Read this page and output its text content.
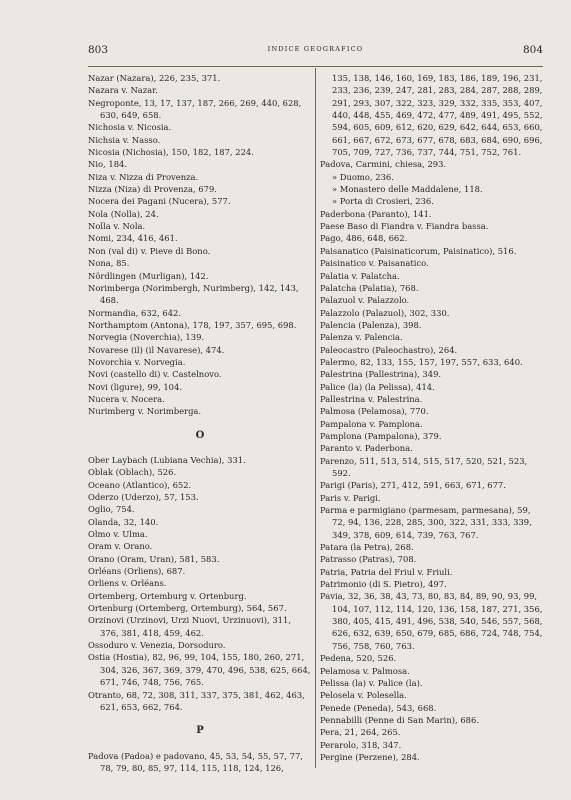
803	INDICE GEOGRAFICO	804
Nazar (Nazara), 226, 235, 371.
Nazara v. Nazar.
Negroponte, 13, 17, 137, 187, 266, 269, 440, 628, 630, 649, 658.
Nichosia v. Nicosia.
Nichsia v. Nasso.
Nicosia (Nichosia), 150, 182, 187, 224.
Nio, 184.
Niza v. Nizza di Provenza.
Nizza (Niza) di Provenza, 679.
Nocera dei Pagani (Nucera), 577.
Nola (Nolla), 24.
Nolla v. Nola.
Nomi, 234, 416, 461.
Non (val di) v. Pieve di Bono.
Nona, 85.
Nördlingen (Murligan), 142.
Norimberga (Norimbergh, Nurimberg), 142, 143, 468.
Normandia, 632, 642.
Northamptom (Antona), 178, 197, 357, 695, 698.
Norvegia (Noverchia), 139.
Novarese (il) (il Navarese), 474.
Novorchia v. Norvegia.
Novi (castello di) v. Castelnovo.
Novi (ligure), 99, 104.
Nucera v. Nocera.
Nurimberg v. Norimberga.
O
Ober Laybach (Lubiana Vechia), 331.
Oblak (Oblach), 526.
Oceano (Atlantico), 652.
Oderzo (Uderzo), 57, 153.
Oglio, 754.
Olanda, 32, 140.
Olmo v. Ulma.
Oram v. Orano.
Orano (Oram, Uran), 581, 583.
Orléans (Orliens), 687.
Orliens v. Orléans.
Ortemberg, Ortemburg v. Ortenburg.
Ortenburg (Ortemberg, Ortemburg), 564, 567.
Orzinovi (Urzinovi, Urzi Nuovi, Urzinuovi), 311, 376, 381, 418, 459, 462.
Ossoduro v. Venezia, Dorsoduro.
Ostia (Hostia), 82, 96, 99, 104, 155, 180, 260, 271, 304, 326, 367, 369, 379, 470, 496, 538, 625, 664, 671, 746, 748, 756, 765.
Otranto, 68, 72, 308, 311, 337, 375, 381, 462, 463, 621, 653, 662, 764.
P
Padova (Padoa) e padovano, 45, 53, 54, 55, 57, 77, 78, 79, 80, 85, 97, 114, 115, 118, 124, 126,
135, 138, 146, 160, 169, 183, 186, 189, 196, 231, 233, 236, 239, 247, 281, 283, 284, 287, 288, 289, 291, 293, 307, 322, 323, 329, 332, 335, 353, 407, 440, 448, 455, 469, 472, 477, 489, 491, 495, 552, 594, 605, 609, 612, 620, 629, 642, 644, 653, 660, 661, 667, 672, 673, 677, 678, 683, 684, 690, 696, 705, 709, 727, 736, 737, 744, 751, 752, 761.
Padova, Carmini, chiesa, 293.
» Duomo, 236.
» Monastero delle Maddalene, 118.
» Porta di Crosieri, 236.
Paderbona (Paranto), 141.
Paese Baso di Fiandra v. Fiandra bassa.
Pago, 486, 648, 662.
Paisanatico (Paisinaticorum, Paisinatico), 516.
Paisinatico v. Paisanatico.
Palatia v. Palatcha.
Palatcha (Palatia), 768.
Palazuol v. Palazzolo.
Palazzolo (Palazuol), 302, 330.
Palencia (Palenza), 398.
Palenza v. Palencia.
Paleocastro (Paleochastro), 264.
Palermo, 82, 133, 155, 157, 197, 557, 633, 640.
Palestrina (Pallestrina), 349.
Palice (la) (la Pelissa), 414.
Pallestrina v. Palestrina.
Palmosa (Pelamosa), 770.
Pampalona v. Pamplona.
Pamplona (Pampalona), 379.
Paranto v. Paderbona.
Parenzo, 511, 513, 514, 515, 517, 520, 521, 523, 592.
Parigi (Paris), 271, 412, 591, 663, 671, 677.
Paris v. Parigi.
Parma e parmigiano (parmesam, parmesana), 59, 72, 94, 136, 228, 285, 300, 322, 331, 333, 339, 349, 378, 609, 614, 739, 763, 767.
Patara (la Petra), 268.
Patrasso (Patras), 708.
Patria, Patria del Friul v. Friuli.
Patrimonio (di S. Pietro), 497.
Pavia, 32, 36, 38, 43, 73, 80, 83, 84, 89, 90, 93, 99, 104, 107, 112, 114, 120, 136, 158, 187, 271, 356, 380, 405, 415, 491, 496, 538, 540, 546, 557, 568, 626, 632, 639, 650, 679, 685, 686, 724, 748, 754, 756, 758, 760, 763.
Pedena, 520, 526.
Pelamosa v. Palmosa.
Pelissa (la) v. Palice (la).
Pelosela v. Polesella.
Penede (Peneda), 543, 668.
Pennabilli (Penne di San Marin), 686.
Pera, 21, 264, 265.
Perarolo, 318, 347.
Pergine (Perzene), 284.
